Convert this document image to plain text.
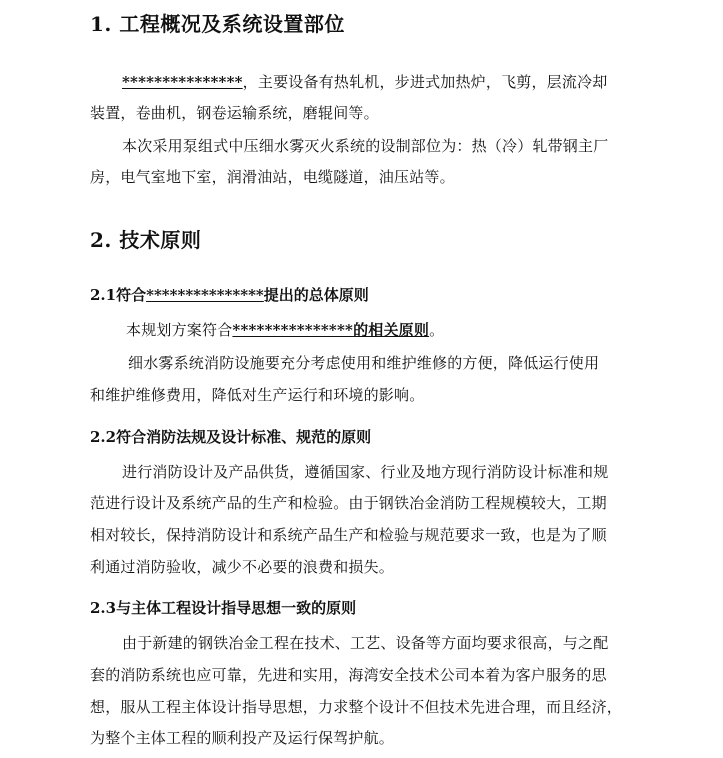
1. 工程概况及系统设置部位
***************，主要设备有热轧机，步进式加热炉，飞剪，层流冷却
装置，卷曲机，钢卷运输系统，磨辊间等。
本次采用泵组式中压细水雾灭火系统的设制部位为：热（冷）轧带钢主厂
房，电气室地下室，润滑油站，电缆隧道，油压站等。
2. 技术原则
2.1符合***************提出的总体原则
本规划方案符合***************的相关原则。
细水雾系统消防设施要充分考虑使用和维护维修的方便，降低运行使用
和维护维修费用，降低对生产运行和环境的影响。
2.2符合消防法规及设计标准、规范的原则
进行消防设计及产品供货，遵循国家、行业及地方现行消防设计标准和规
范进行设计及系统产品的生产和检验。由于钢铁冶金消防工程规模较大，工期
相对较长，保持消防设计和系统产品生产和检验与规范要求一致，也是为了顺
利通过消防验收，减少不必要的浪费和损失。
2.3与主体工程设计指导思想一致的原则
由于新建的钢铁冶金工程在技术、工艺、设备等方面均要求很高，与之配
套的消防系统也应可靠，先进和实用，海湾安全技术公司本着为客户服务的思
想，服从工程主体设计指导思想，力求整个设计不但技术先进合理，而且经济，
为整个主体工程的顺利投产及运行保驾护航。
